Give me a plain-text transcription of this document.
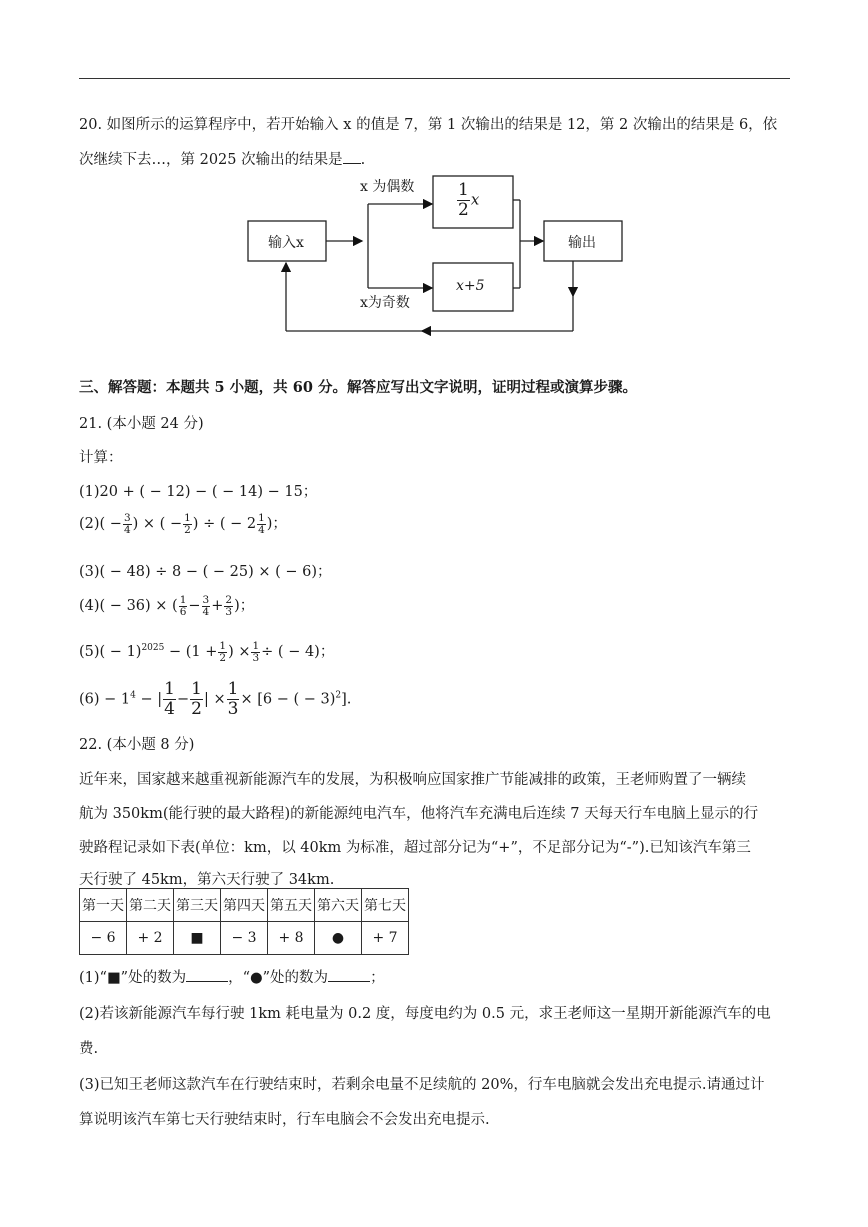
20. 如图所示的运算程序中，若开始输入 x 的值是 7，第 1 次输出的结果是 12，第 2 次输出的结果是 6，依
次继续下去…，第 2025 次输出的结果是 .
输入x
x 为偶数
x为奇数
$\frac{1}{2}$ x
x+5
输出
三、解答题：本题共 5 小题，共 60 分。解答应写出文字说明，证明过程或演算步骤。
21. (本小题 24 分)
计算：
(1)20 + ( − 12) − ( − 14) − 15；
$(2)( - \frac{3}{4}$ ) × ( − $\frac{1}{2}$ ) ÷ ( − $2 \frac{1}{4}$ )；
(3)( − 48) ÷ 8 − ( − 25) × ( − 6)；
(4)( − 36) × ( $\frac{1}{6} - \frac{3}{4} + \frac{2}{3}$ )；
$(5)( - 1)^{2025} - (1 + \frac{1}{2}$ ) × $\frac{1}{3}$ ÷ ( − 4)；
$(6) - 1^4$ − | $\frac{1}{4} - \frac{1}{2}$ | × $\frac{1}{3} \times [6$ − ( − 3)$^2$].
22. (本小题 8 分)
近年来，国家越来越重视新能源汽车的发展，为积极响应国家推广节能减排的政策，王老师购置了一辆续
航为 350km(能行驶的最大路程)的新能源纯电汽车，他将汽车充满电后连续 7 天每天行车电脑上显示的行
驶路程记录如下表(单位：km，以 40km 为标准，超过部分记为“+”，不足部分记为“-”).已知该汽车第三
天行驶了 45km，第六天行驶了 34km.
第一天	第二天	第三天	第四天	第五天	第六天	第七天
− 6	+ 2	■	− 3	+ 8	●	+ 7
(1)“■”处的数为	，“●”处的数为	；
(2)若该新能源汽车每行驶 1km 耗电量为 0.2 度，每度电约为 0.5 元，求王老师这一星期开新能源汽车的电
费.
(3)已知王老师这款汽车在行驶结束时，若剩余电量不足续航的 20%，行车电脑就会发出充电提示.请通过计
算说明该汽车第七天行驶结束时，行车电脑会不会发出充电提示.
